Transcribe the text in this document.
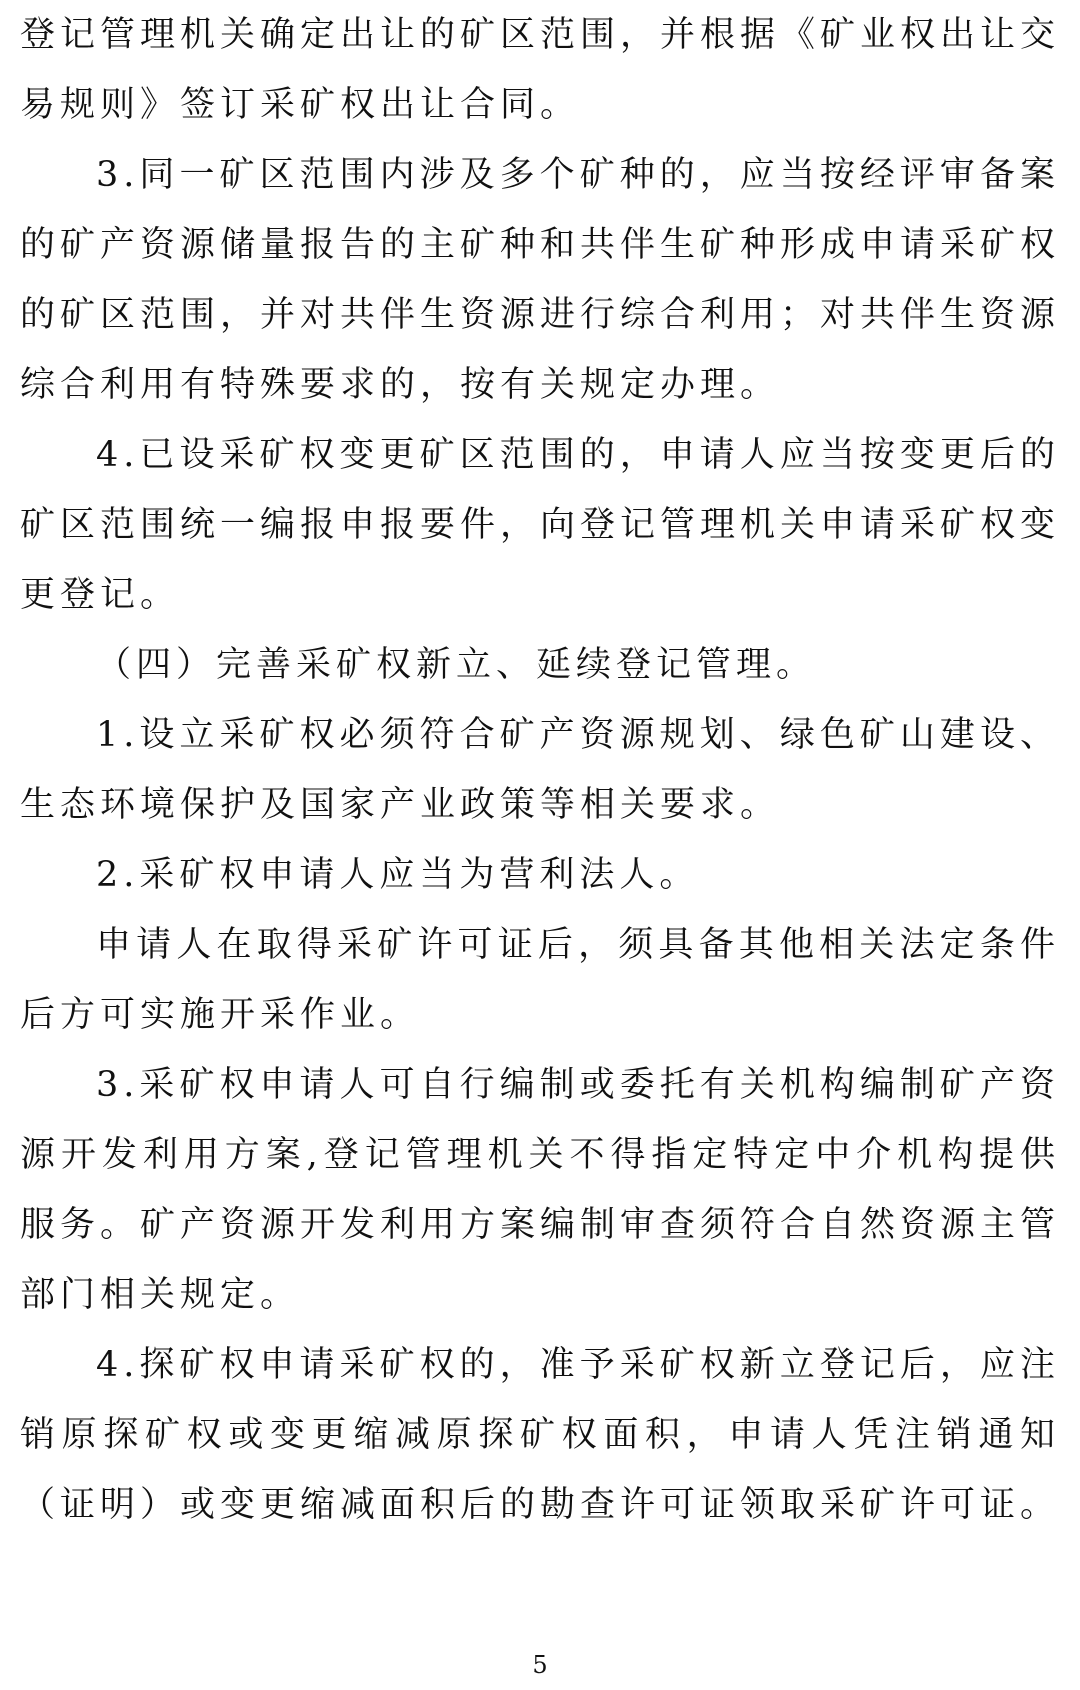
登记管理机关确定出让的矿区范围，并根据《矿业权出让交易规则》签订采矿权出让合同。

3.同一矿区范围内涉及多个矿种的，应当按经评审备案的矿产资源储量报告的主矿种和共伴生矿种形成申请采矿权的矿区范围，并对共伴生资源进行综合利用；对共伴生资源综合利用有特殊要求的，按有关规定办理。

4.已设采矿权变更矿区范围的，申请人应当按变更后的矿区范围统一编报申报要件，向登记管理机关申请采矿权变更登记。

（四）完善采矿权新立、延续登记管理。

1.设立采矿权必须符合矿产资源规划、绿色矿山建设、生态环境保护及国家产业政策等相关要求。

2.采矿权申请人应当为营利法人。

申请人在取得采矿许可证后，须具备其他相关法定条件后方可实施开采作业。

3.采矿权申请人可自行编制或委托有关机构编制矿产资源开发利用方案,登记管理机关不得指定特定中介机构提供服务。矿产资源开发利用方案编制审查须符合自然资源主管部门相关规定。

4.探矿权申请采矿权的，准予采矿权新立登记后，应注销原探矿权或变更缩减原探矿权面积，申请人凭注销通知（证明）或变更缩减面积后的勘查许可证领取采矿许可证。

5
